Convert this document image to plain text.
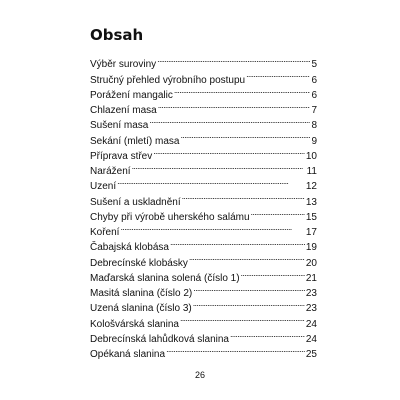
Obsah
Výběr suroviny . . .	5
Stručný přehled výrobního postupu . . .	6
Porážení mangalic . . .	6
Chlazení masa . . .	7
Sušení masa . . .	8
Sekání (mletí) masa . . .	9
Příprava střev . . .	10
Narážení . . .	11
Uzení . . .	12
Sušení a uskladnění . . .	13
Chyby při výrobě uherského salámu . . .	15
Koření . . .	17
Čabajská klobása . . .	19
Debrecínské klobásky . . .	20
Maďarská slanina solená (číslo 1) . . .	21
Masitá slanina (číslo 2) . . .	23
Uzená slanina (číslo 3) . . .	23
Kološvárská slanina . . .	24
Debrecínská lahůdková slanina . . .	24
Opékaná slanina . . .	25
26
